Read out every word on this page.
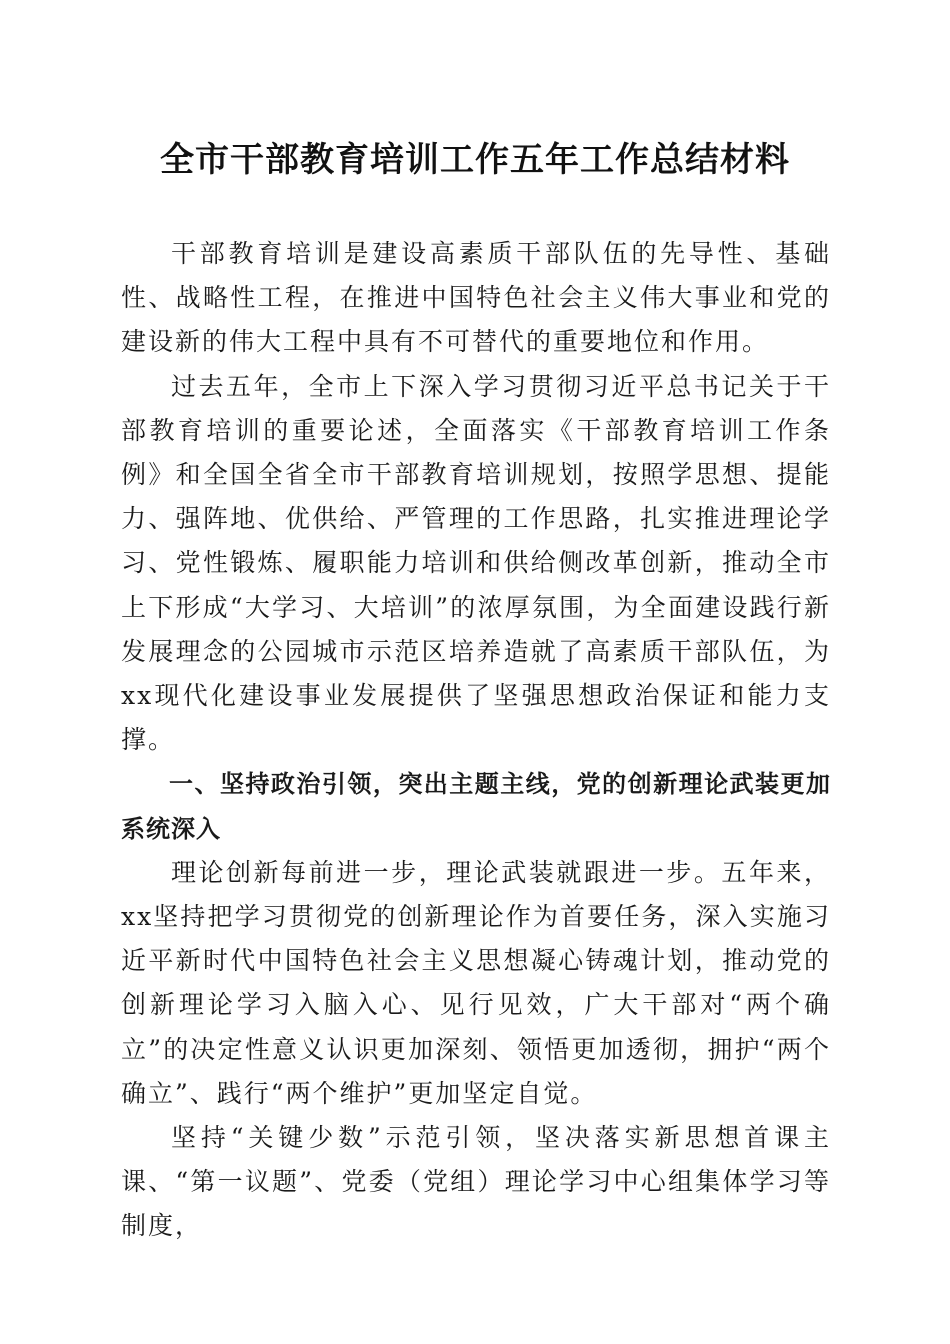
全市干部教育培训工作五年工作总结材料

干部教育培训是建设高素质干部队伍的先导性、基础性、战略性工程，在推进中国特色社会主义伟大事业和党的建设新的伟大工程中具有不可替代的重要地位和作用。

过去五年，全市上下深入学习贯彻习近平总书记关于干部教育培训的重要论述，全面落实《干部教育培训工作条例》和全国全省全市干部教育培训规划，按照学思想、提能力、强阵地、优供给、严管理的工作思路，扎实推进理论学习、党性锻炼、履职能力培训和供给侧改革创新，推动全市上下形成“大学习、大培训”的浓厚氛围，为全面建设践行新发展理念的公园城市示范区培养造就了高素质干部队伍，为xx现代化建设事业发展提供了坚强思想政治保证和能力支撑。

一、坚持政治引领，突出主题主线，党的创新理论武装更加系统深入

理论创新每前进一步，理论武装就跟进一步。五年来，xx坚持把学习贯彻党的创新理论作为首要任务，深入实施习近平新时代中国特色社会主义思想凝心铸魂计划，推动党的创新理论学习入脑入心、见行见效，广大干部对“两个确立”的决定性意义认识更加深刻、领悟更加透彻，拥护“两个确立”、践行“两个维护”更加坚定自觉。

坚持“关键少数”示范引领，坚决落实新思想首课主课、“第一议题”、党委（党组）理论学习中心组集体学习等制度，
